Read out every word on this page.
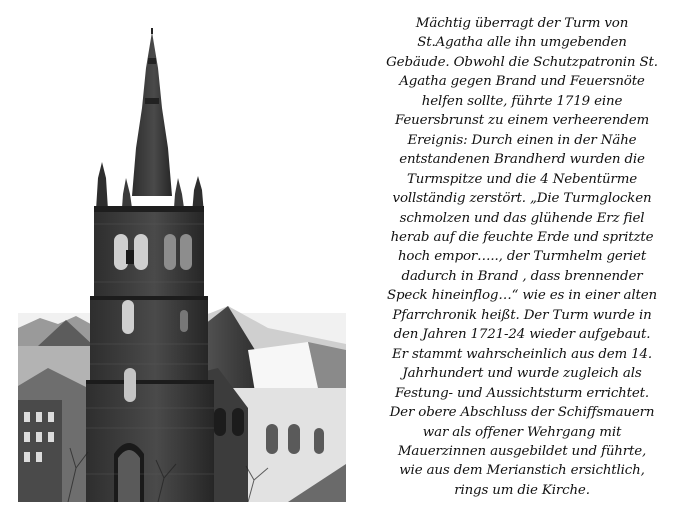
Mächtig überragt der Turm von
St.Agatha alle ihn umgebenden
Gebäude. Obwohl die Schutzpatronin St.
Agatha gegen Brand und Feuersnöte
helfen sollte, führte 1719 eine
Feuersbrunst zu einem verheerendem
Ereignis: Durch einen in der Nähe
entstandenen Brandherd wurden die
Turmspitze und die 4 Nebentürme
vollständig zerstört. „Die Turmglocken
schmolzen und das glühende Erz fiel
herab auf die feuchte Erde und spritzte
hoch empor….., der Turmhelm geriet
dadurch in Brand , dass brennender
Speck hineinflog…“ wie es in einer alten
Pfarrchronik heißt. Der Turm wurde in
den Jahren 1721-24 wieder aufgebaut.
Er stammt wahrscheinlich aus dem 14.
Jahrhundert und wurde zugleich als
Festung- und Aussichtsturm errichtet.
Der obere Abschluss der Schiffsmauern
war als offener Wehrgang mit
Mauerzinnen ausgebildet und führte,
wie aus dem Merianstich ersichtlich,
rings um die Kirche.
